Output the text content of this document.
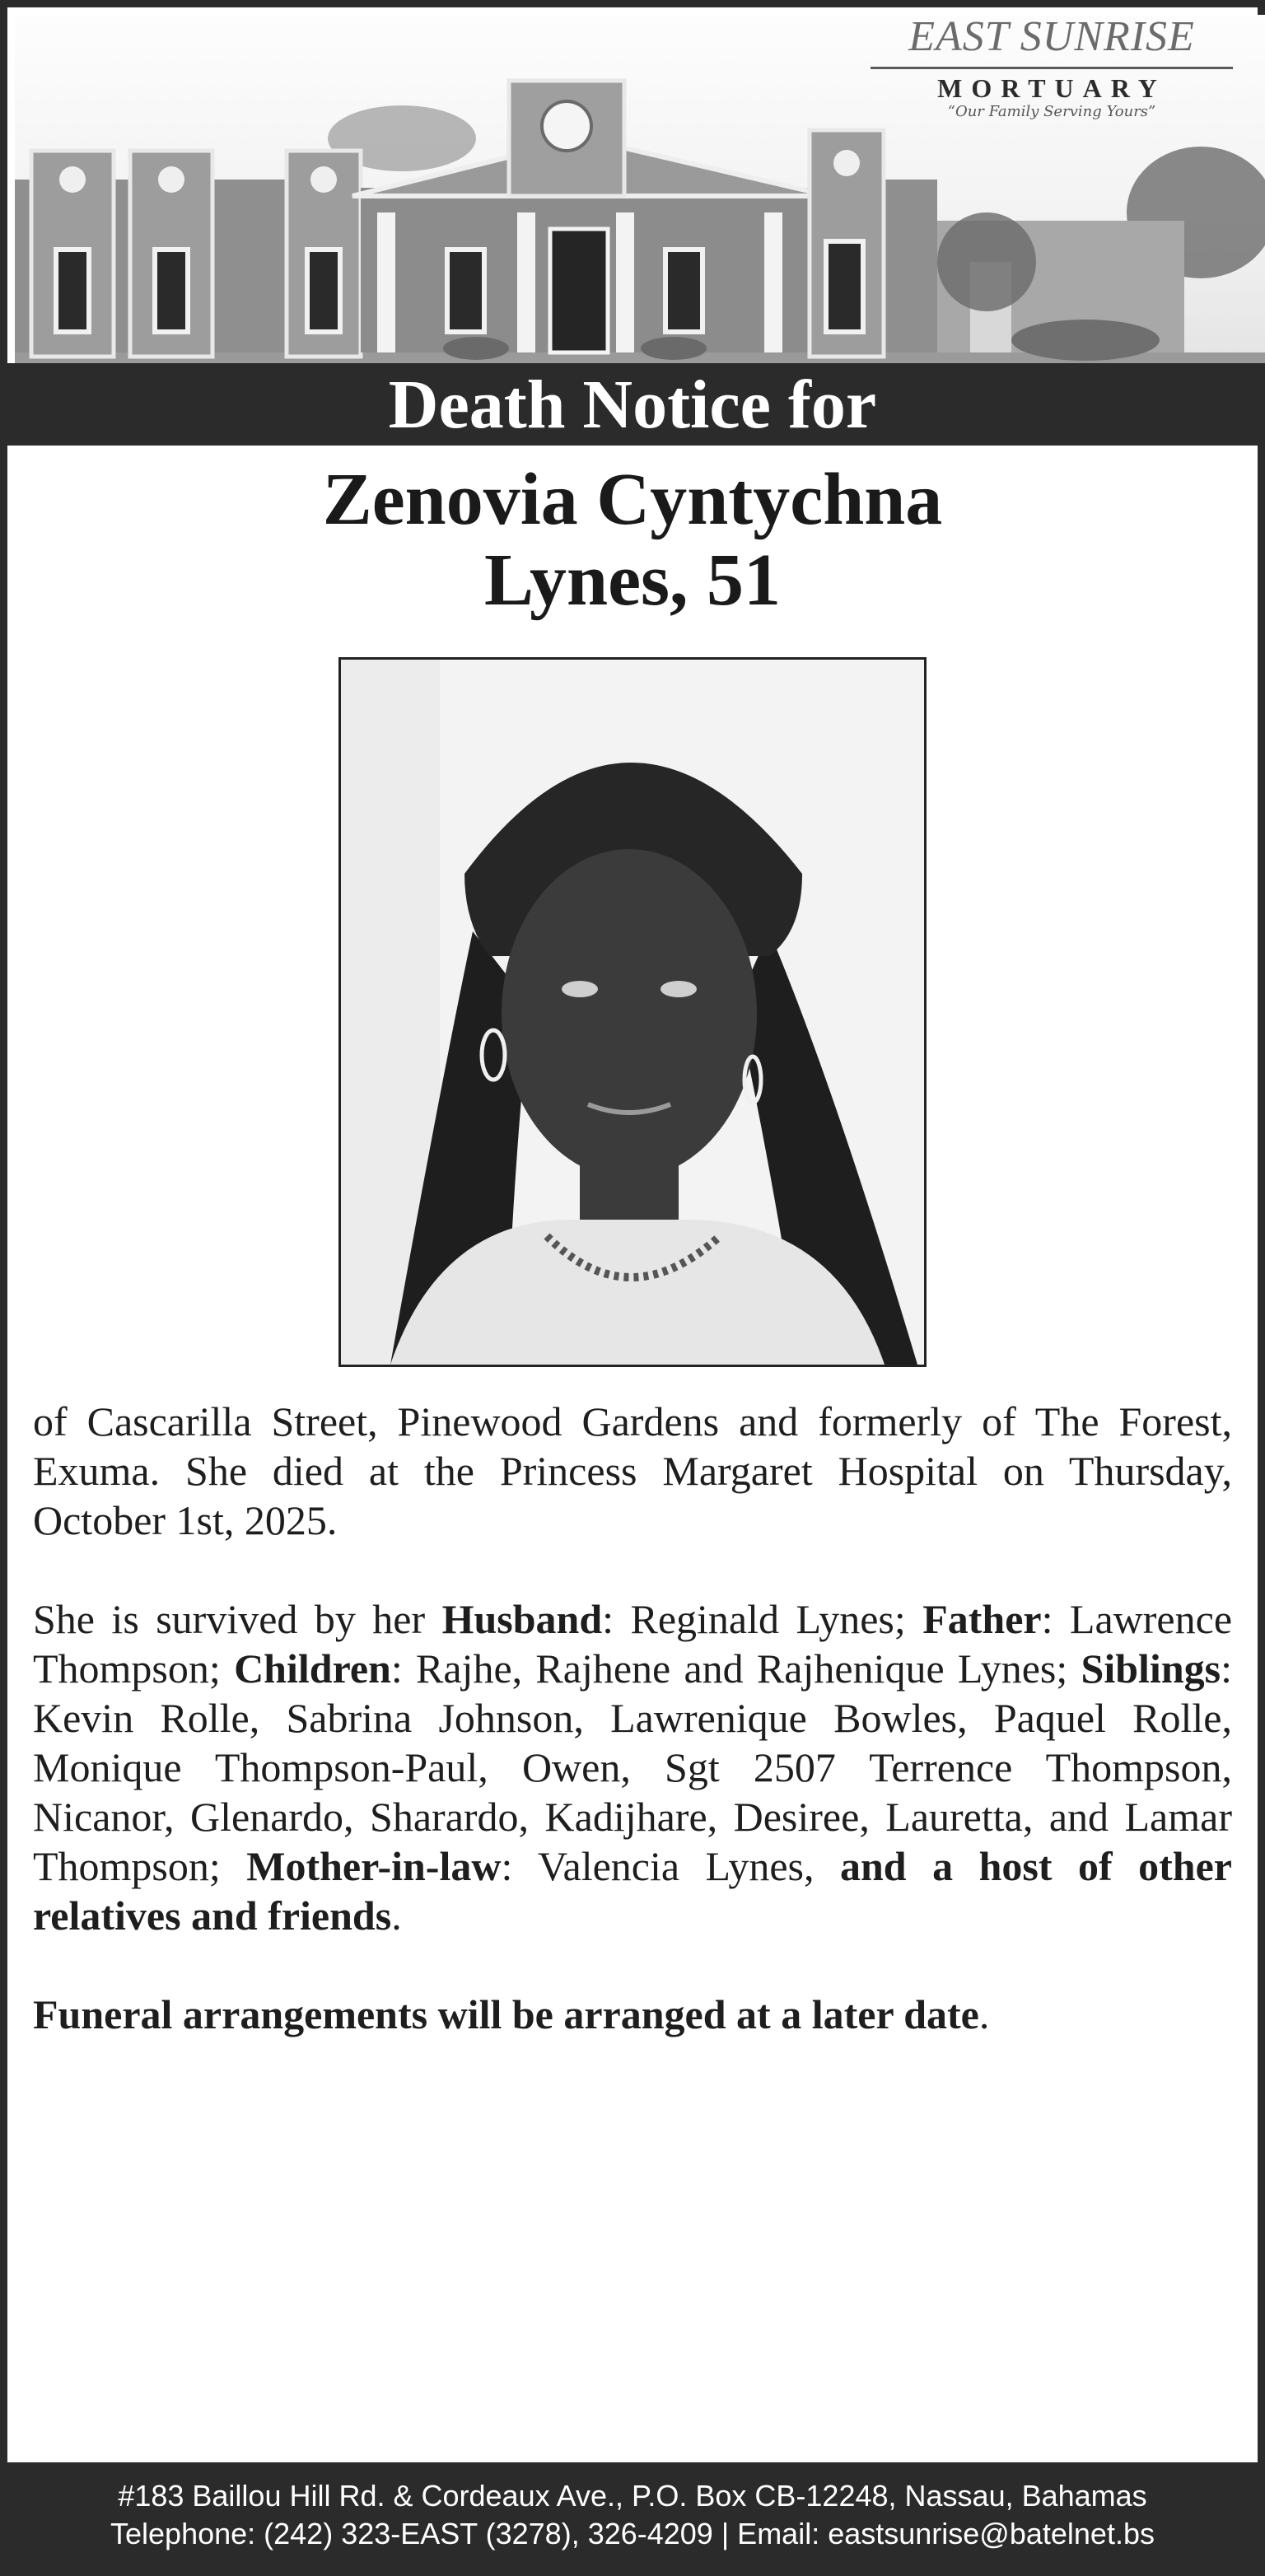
EAST SUNRISE
MORTUARY
“Our Family Serving Yours”
Death Notice for
Zenovia Cyntychna
Lynes, 51

of Cascarilla Street, Pinewood Gardens and formerly of The Forest, Exuma. She died at the Princess Margaret Hospital on Thursday, October 1st, 2025.

She is survived by her Husband: Reginald Lynes; Father: Lawrence Thompson; Children: Rajhe, Rajhene and Rajhenique Lynes; Siblings: Kevin Rolle, Sabrina Johnson, Lawrenique Bowles, Paquel Rolle, Monique Thompson-Paul, Owen, Sgt 2507 Terrence Thompson, Nicanor, Glenardo, Sharardo, Kadijhare, Desiree, Lauretta, and Lamar Thompson; Mother-in-law: Valencia Lynes, and a host of other relatives and friends.

Funeral arrangements will be arranged at a later date.

#183 Baillou Hill Rd. & Cordeaux Ave., P.O. Box CB-12248, Nassau, Bahamas
Telephone: (242) 323-EAST (3278), 326-4209 | Email: eastsunrise@batelnet.bs
